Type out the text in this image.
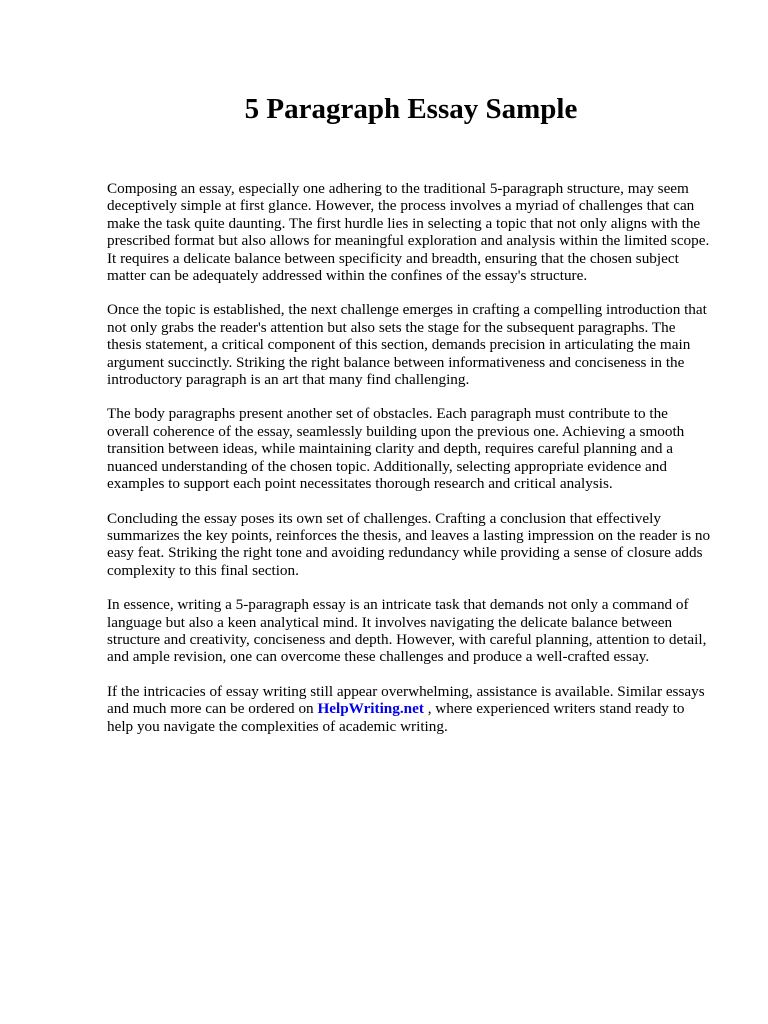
5 Paragraph Essay Sample

Composing an essay, especially one adhering to the traditional 5-paragraph structure, may seem deceptively simple at first glance. However, the process involves a myriad of challenges that can make the task quite daunting. The first hurdle lies in selecting a topic that not only aligns with the prescribed format but also allows for meaningful exploration and analysis within the limited scope. It requires a delicate balance between specificity and breadth, ensuring that the chosen subject matter can be adequately addressed within the confines of the essay's structure.

Once the topic is established, the next challenge emerges in crafting a compelling introduction that not only grabs the reader's attention but also sets the stage for the subsequent paragraphs. The thesis statement, a critical component of this section, demands precision in articulating the main argument succinctly. Striking the right balance between informativeness and conciseness in the introductory paragraph is an art that many find challenging.

The body paragraphs present another set of obstacles. Each paragraph must contribute to the overall coherence of the essay, seamlessly building upon the previous one. Achieving a smooth transition between ideas, while maintaining clarity and depth, requires careful planning and a nuanced understanding of the chosen topic. Additionally, selecting appropriate evidence and examples to support each point necessitates thorough research and critical analysis.

Concluding the essay poses its own set of challenges. Crafting a conclusion that effectively summarizes the key points, reinforces the thesis, and leaves a lasting impression on the reader is no easy feat. Striking the right tone and avoiding redundancy while providing a sense of closure adds complexity to this final section.

In essence, writing a 5-paragraph essay is an intricate task that demands not only a command of language but also a keen analytical mind. It involves navigating the delicate balance between structure and creativity, conciseness and depth. However, with careful planning, attention to detail, and ample revision, one can overcome these challenges and produce a well-crafted essay.

If the intricacies of essay writing still appear overwhelming, assistance is available. Similar essays and much more can be ordered on HelpWriting.net , where experienced writers stand ready to help you navigate the complexities of academic writing.
